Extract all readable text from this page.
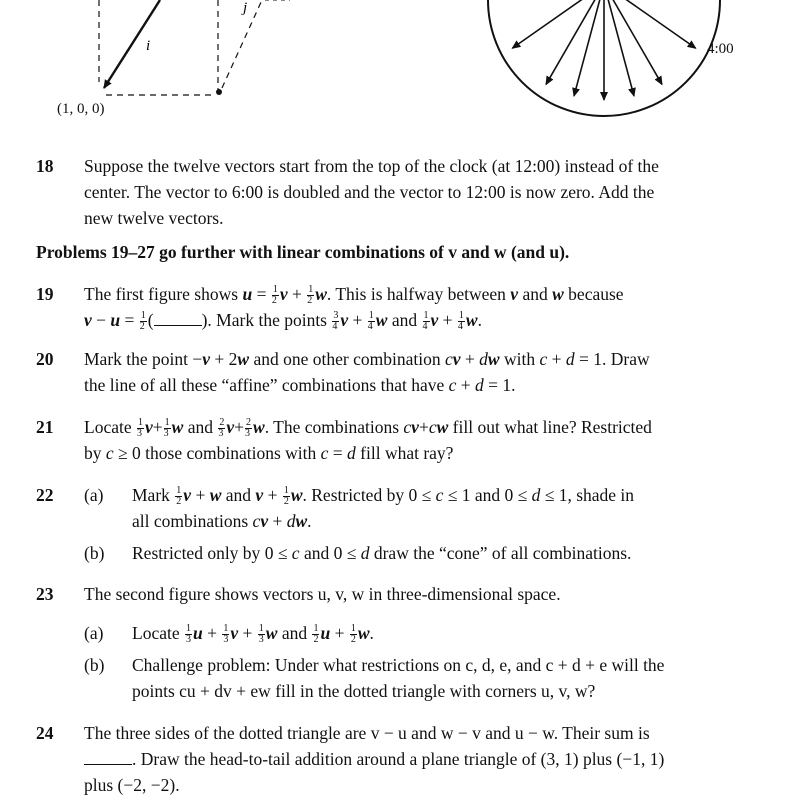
i
j
(1, 0, 0)
4:00
18 Suppose the twelve vectors start from the top of the clock (at 12:00) instead of the
center. The vector to 6:00 is doubled and the vector to 12:00 is now zero. Add the
new twelve vectors.
Problems 19–27 go further with linear combinations of v and w (and u).
19 The first figure shows $u = \frac{1}{2}$ $v + \frac{1}{2} w$. This is halfway between v and w because
$v - u = \frac{1}{2}$ (	). Mark the points $\frac{3}{4}$ $v + \frac{1}{4}$ w and $\frac{1}{4}$ $v + \frac{1}{4} w$.
20 Mark the point −v + 2w and one other combination cv + dw with c + d = 1. Draw
the line of all these “affine” combinations that have c + d = 1.
21 Locate $\frac{1}{3} v+ \frac{1}{3}$ w and $\frac{2}{3} v+ \frac{2}{3} w$. The combinations cv+cw fill out what line? Restricted
by c ≥ 0 those combinations with c = d fill what ray?
22 (a) Mark $\frac{1}{2}$ v + w and $v + \frac{1}{2} w$. Restricted by 0 ≤ c ≤ 1 and 0 ≤ d ≤ 1, shade in
all combinations cv + dw.
(b) Restricted only by 0 ≤ c and 0 ≤ d draw the “cone” of all combinations.
23 The second figure shows vectors u, v, w in three-dimensional space.
(a) Locate $\frac{1}{3}$ $u + \frac{1}{3}$ $v + \frac{1}{3}$ w and $\frac{1}{2}$ $u + \frac{1}{2} w$.
(b) Challenge problem: Under what restrictions on c, d, e, and c + d + e will the
points cu + dv + ew fill in the dotted triangle with corners u, v, w?
24 The three sides of the dotted triangle are v − u and w − v and u − w. Their sum is
. Draw the head-to-tail addition around a plane triangle of (3, 1) plus (−1, 1)
plus (−2, −2).
